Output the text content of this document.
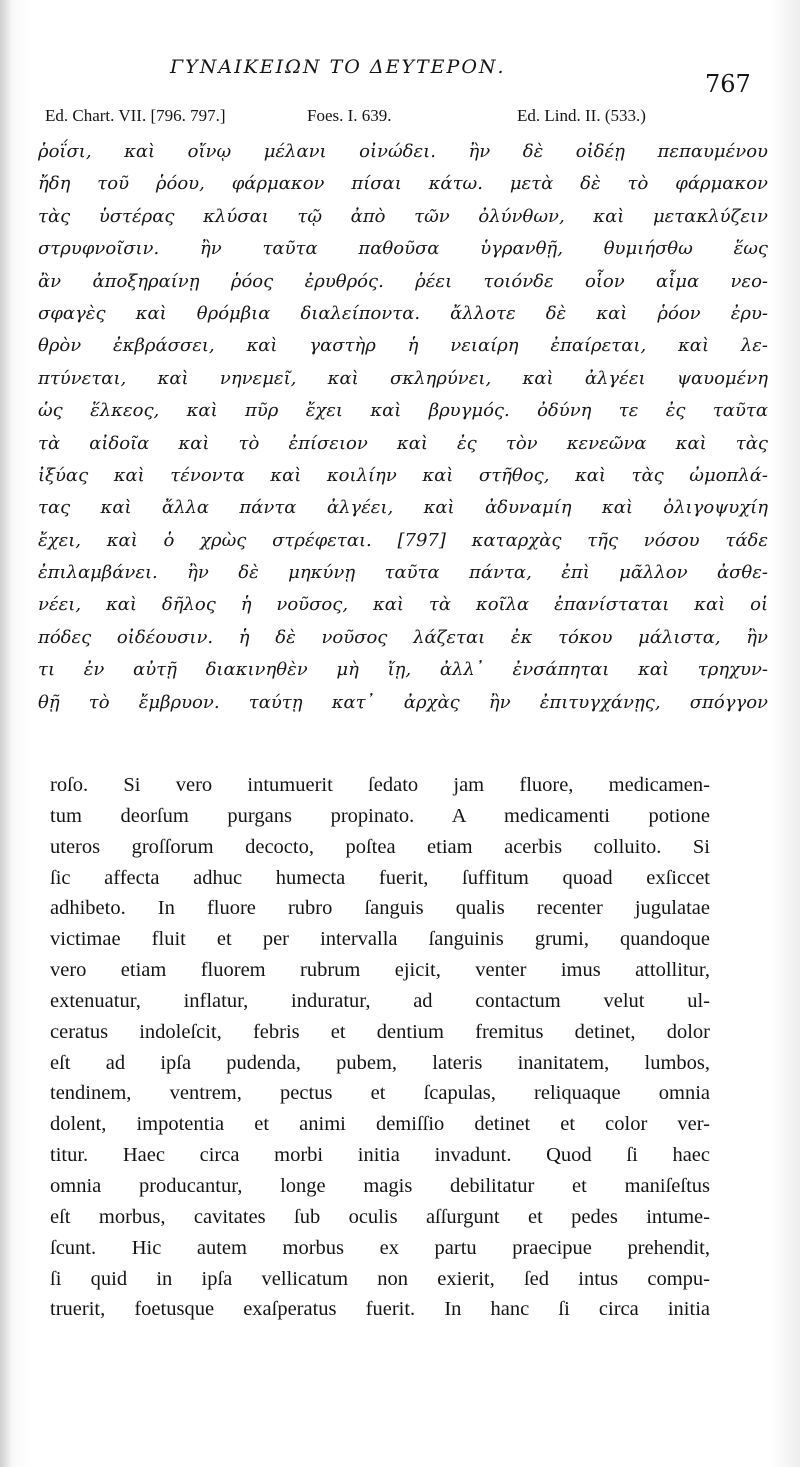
ΓΥΝΑΙΚΕΙΩΝ ΤΟ ΔΕΥΤΕΡΟΝ.
767
Ed. Chart. VII. [796. 797.]	Foes. I. 639.	Ed. Lind. II. (533.)
ῥοΐσι, καὶ οἴνῳ μέλανι οἰνώδει. ἢν δὲ οἰδέῃ πεπαυμένου
ἤδη τοῦ ῥόου, φάρμακον πίσαι κάτω. μετὰ δὲ τὸ φάρμακον
τὰς ὑστέρας κλύσαι τῷ ἀπὸ τῶν ὀλύνθων, καὶ μετακλύζειν
στρυφνοῖσιν. ἢν ταῦτα παθοῦσα ὑγρανθῇ, θυμιήσθω ἕως
ἂν ἀποξηραίνῃ ῥόος ἐρυθρός. ῥέει τοιόνδε οἷον αἷμα νεο-
σφαγὲς καὶ θρόμβια διαλείποντα. ἄλλοτε δὲ καὶ ῥόον ἐρυ-
θρὸν ἐκβράσσει, καὶ γαστὴρ ἡ νειαίρη ἐπαίρεται, καὶ λε-
πτύνεται, καὶ νηνεμεῖ, καὶ σκληρύνει, καὶ ἀλγέει ψαυομένη
ὡς ἕλκεος, καὶ πῦρ ἔχει καὶ βρυγμός. ὀδύνη τε ἐς ταῦτα
τὰ αἰδοῖα καὶ τὸ ἐπίσειον καὶ ἐς τὸν κενεῶνα καὶ τὰς
ἰξύας καὶ τένοντα καὶ κοιλίην καὶ στῆθος, καὶ τὰς ὠμοπλά-
τας καὶ ἄλλα πάντα ἀλγέει, καὶ ἀδυναμίη καὶ ὀλιγοψυχίη
ἔχει, καὶ ὁ χρὼς στρέφεται. [797] καταρχὰς τῆς νόσου τάδε
ἐπιλαμβάνει. ἢν δὲ μηκύνῃ ταῦτα πάντα, ἐπὶ μᾶλλον ἀσθε-
νέει, καὶ δῆλος ἡ νοῦσος, καὶ τὰ κοῖλα ἐπανίσταται καὶ οἱ
πόδες οἰδέουσιν. ἡ δὲ νοῦσος λάζεται ἐκ τόκου μάλιστα, ἢν
τι ἐν αὐτῇ διακινηθὲν μὴ ἴῃ, ἀλλ᾽ ἐνσάπηται καὶ τρηχυν-
θῇ τὸ ἔμβρυον. ταύτῃ κατ᾽ ἀρχὰς ἢν ἐπιτυγχάνῃς, σπόγγον
roſo. Si vero intumuerit ſedato jam fluore, medicamen-
tum deorſum purgans propinato. A medicamenti potione
uteros groſſorum decocto, poſtea etiam acerbis colluito. Si
ſic affecta adhuc humecta fuerit, ſuffitum quoad exſiccet
adhibeto. In fluore rubro ſanguis qualis recenter jugulatae
victimae fluit et per intervalla ſanguinis grumi, quandoque
vero etiam fluorem rubrum ejicit, venter imus attollitur,
extenuatur, inflatur, induratur, ad contactum velut ul-
ceratus indoleſcit, febris et dentium fremitus detinet, dolor
eſt ad ipſa pudenda, pubem, lateris inanitatem, lumbos,
tendinem, ventrem, pectus et ſcapulas, reliquaque omnia
dolent, impotentia et animi demiſſio detinet et color ver-
titur. Haec circa morbi initia invadunt. Quod ſi haec
omnia producantur, longe magis debilitatur et maniſeſtus
eſt morbus, cavitates ſub oculis aſſurgunt et pedes intume-
ſcunt. Hic autem morbus ex partu praecipue prehendit,
ſi quid in ipſa vellicatum non exierit, ſed intus compu-
truerit, foetusque exaſperatus fuerit. In hanc ſi circa initia
